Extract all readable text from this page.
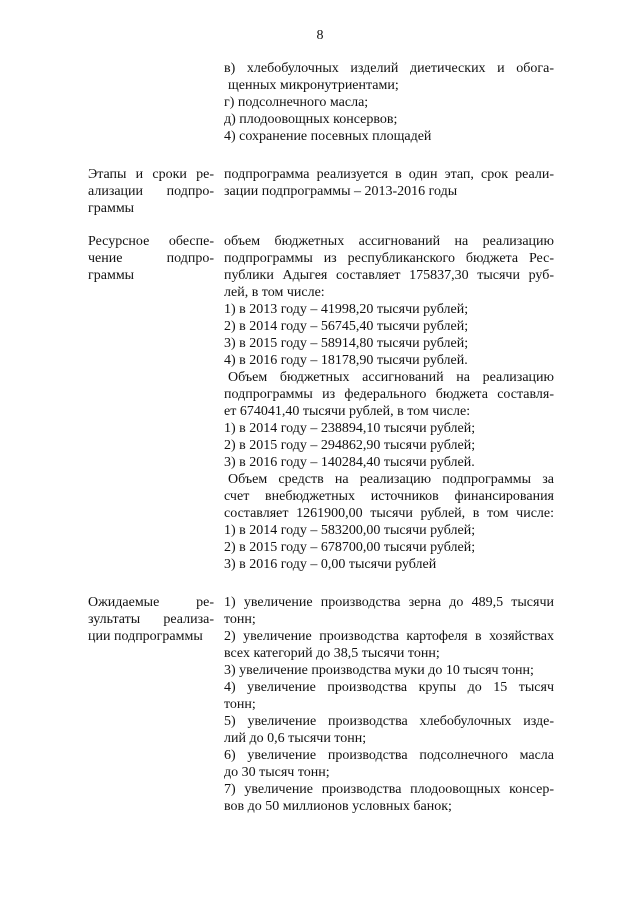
8
в) хлебобулочных изделий диетических и обога-
щенных микронутриентами;
г) подсолнечного масла;
д) плодоовощных консервов;
4) сохранение посевных площадей
Этапы и сроки ре-
ализации подпро-
граммы
подпрограмма реализуется в один этап, срок реали-
зации подпрограммы – 2013-2016 годы
Ресурсное обеспе-
чение подпро-
граммы
объем бюджетных ассигнований на реализацию
подпрограммы из республиканского бюджета Рес-
публики Адыгея составляет 175837,30 тысячи руб-
лей, в том числе:
1) в 2013 году – 41998,20 тысячи рублей;
2) в 2014 году – 56745,40 тысячи рублей;
3) в 2015 году – 58914,80 тысячи рублей;
4) в 2016 году – 18178,90 тысячи рублей.
Объем бюджетных ассигнований на реализацию
подпрограммы из федерального бюджета составля-
ет 674041,40 тысячи рублей, в том числе:
1) в 2014 году – 238894,10 тысячи рублей;
2) в 2015 году – 294862,90 тысячи рублей;
3) в 2016 году – 140284,40 тысячи рублей.
Объем средств на реализацию подпрограммы за
счет внебюджетных источников финансирования
составляет 1261900,00 тысячи рублей, в том числе:
1) в 2014 году – 583200,00 тысячи рублей;
2) в 2015 году – 678700,00 тысячи рублей;
3) в 2016 году – 0,00 тысячи рублей
Ожидаемые ре-
зультаты реализа-
ции подпрограммы
1) увеличение производства зерна до 489,5 тысячи
тонн;
2) увеличение производства картофеля в хозяйствах
всех категорий до 38,5 тысячи тонн;
3) увеличение производства муки до 10 тысяч тонн;
4) увеличение производства крупы до 15 тысяч
тонн;
5) увеличение производства хлебобулочных изде-
лий до 0,6 тысячи тонн;
6) увеличение производства подсолнечного масла
до 30 тысяч тонн;
7) увеличение производства плодоовощных консер-
вов до 50 миллионов условных банок;
